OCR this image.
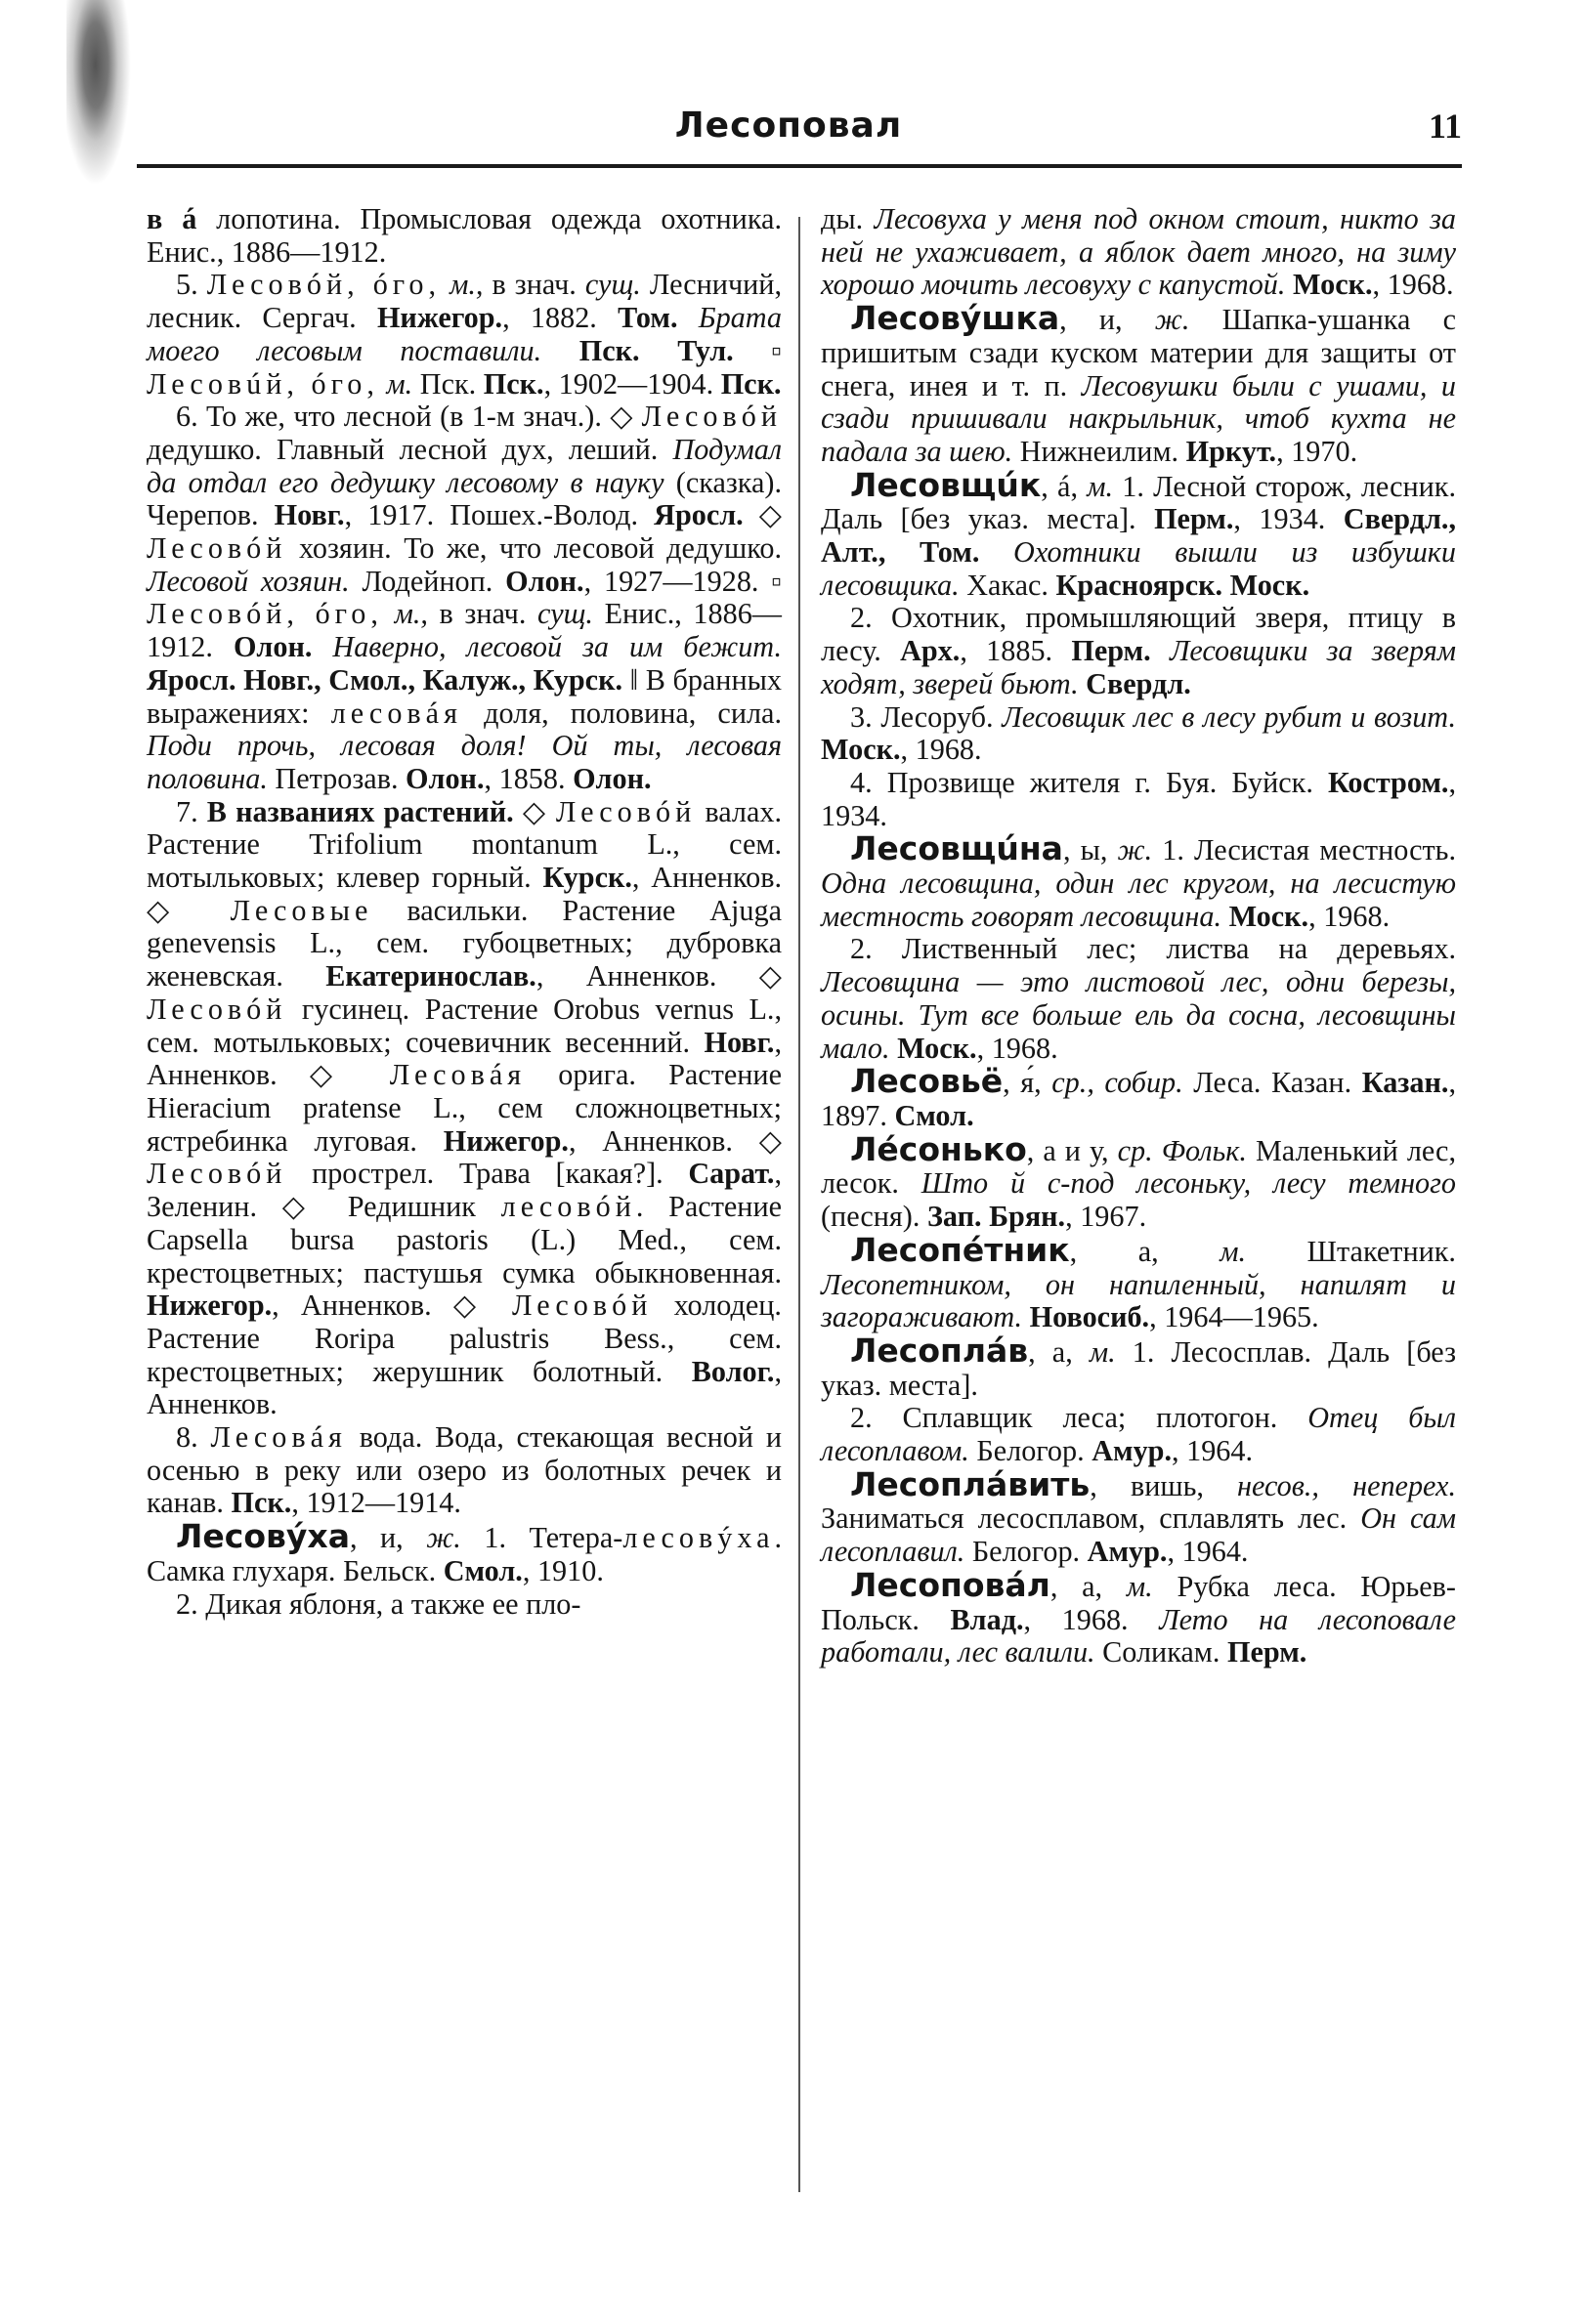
Лесоповал	11

в á лопотина. Промысловая одежда охотника. Енис., 1886—1912.

5. Лесовóй, óго, м., в знач. сущ. Лесничий, лесник. Сергач. Нижегор., 1882. Том. Брата моего лесовым поставили. Пск. Тул. ▫ Лесовúй, óго, м. Пск. Пск., 1902—1904. Пск.

6. То же, что лесной (в 1-м знач.). ◇ Лесовóй дедушко. Главный лесной дух, леший. Подумал да отдал его дедушку лесовому в науку (сказка). Черепов. Новг., 1917. Пошех.-Волод. Яросл. ◇ Лесовóй хозяин. То же, что лесовой дедушко. Лесовой хозяин. Лодейноп. Олон., 1927—1928. ▫ Лесовóй, óго, м., в знач. сущ. Енис., 1886—1912. Олон. Наверно, лесовой за им бежит. Яросл. Новг., Смол., Калуж., Курск. ‖ В бранных выражениях: лесовáя доля, половина, сила. Поди прочь, лесовая доля! Ой ты, лесовая половина. Петрозав. Олон., 1858. Олон.

7. В названиях растений. ◇ Лесовóй валах. Растение Trifolium montanum L., сем. мотыльковых; клевер горный. Курск., Анненков. ◇ Лесовые васильки. Растение Ajuga genevensis L., сем. губоцветных; дубровка женевская. Екатеринослав., Анненков. ◇ Лесовóй гусинец. Растение Orobus vernus L., сем. мотыльковых; сочевичник весенний. Новг., Анненков. ◇ Лесовáя орига. Растение Hieracium pratense L., сем сложноцветных; ястребинка луговая. Нижегор., Анненков. ◇ Лесовóй прострел. Трава [какая?]. Сарат., Зеленин. ◇ Редишник лесовóй. Растение Capsella bursa pastoris (L.) Med., сем. крестоцветных; пастушья сумка обыкновенная. Нижегор., Анненков. ◇ Лесовóй холодец. Растение Roripa palustris Bess., сем. крестоцветных; жерушник болотный. Волог., Анненков.

8. Лесовáя вода. Вода, стекающая весной и осенью в реку или озеро из болотных речек и канав. Пск., 1912—1914.

Лесовýха, и, ж. 1. Тетера-лесовýха. Самка глухаря. Бельск. Смол., 1910.

2. Дикая яблоня, а также ее пло-

ды. Лесовуха у меня под окном стоит, никто за ней не ухаживает, а яблок дает много, на зиму хорошо мочить лесовуху с капустой. Моск., 1968.

Лесовýшка, и, ж. Шапка-ушанка с пришитым сзади куском материи для защиты от снега, инея и т. п. Лесовушки были с ушами, и сзади пришивали накрыльник, чтоб кухта не падала за шею. Нижнеилим. Иркут., 1970.

Лесовщúк, á, м. 1. Лесной сторож, лесник. Даль [без указ. места]. Перм., 1934. Свердл., Алт., Том. Охотники вышли из избушки лесовщика. Хакас. Красноярск. Моск.

2. Охотник, промышляющий зверя, птицу в лесу. Арх., 1885. Перм. Лесовщики за зверям ходят, зверей бьют. Свердл.

3. Лесоруб. Лесовщик лес в лесу рубит и возит. Моск., 1968.

4. Прозвище жителя г. Буя. Буйск. Костром., 1934.

Лесовщúна, ы, ж. 1. Лесистая местность. Одна лесовщина, один лес кругом, на лесистую местность говорят лесовщина. Моск., 1968.

2. Лиственный лес; листва на деревьях. Лесовщина — это листовой лес, одни березы, осины. Тут все больше ель да сосна, лесовщины мало. Моск., 1968.

Лесовьё, я́, ср., собир. Леса. Казан. Казан., 1897. Смол.

Лéсонько, а и у, ср. Фольк. Маленький лес, лесок. Што й с-под лесоньку, лесу темного (песня). Зап. Брян., 1967.

Лесопéтник, а, м. Штакетник. Лесопетником, он напиленный, напилят и загораживают. Новосиб., 1964—1965.

Лесоплáв, а, м. 1. Лесосплав. Даль [без указ. места].

2. Сплавщик леса; плотогон. Отец был лесоплавом. Белогор. Амур., 1964.

Лесоплáвить, вишь, несов., неперех. Заниматься лесосплавом, сплавлять лес. Он сам лесоплавил. Белогор. Амур., 1964.

Лесоповáл, а, м. Рубка леса. Юрьев-Польск. Влад., 1968. Лето на лесоповале работали, лес валили. Соликам. Перм.
